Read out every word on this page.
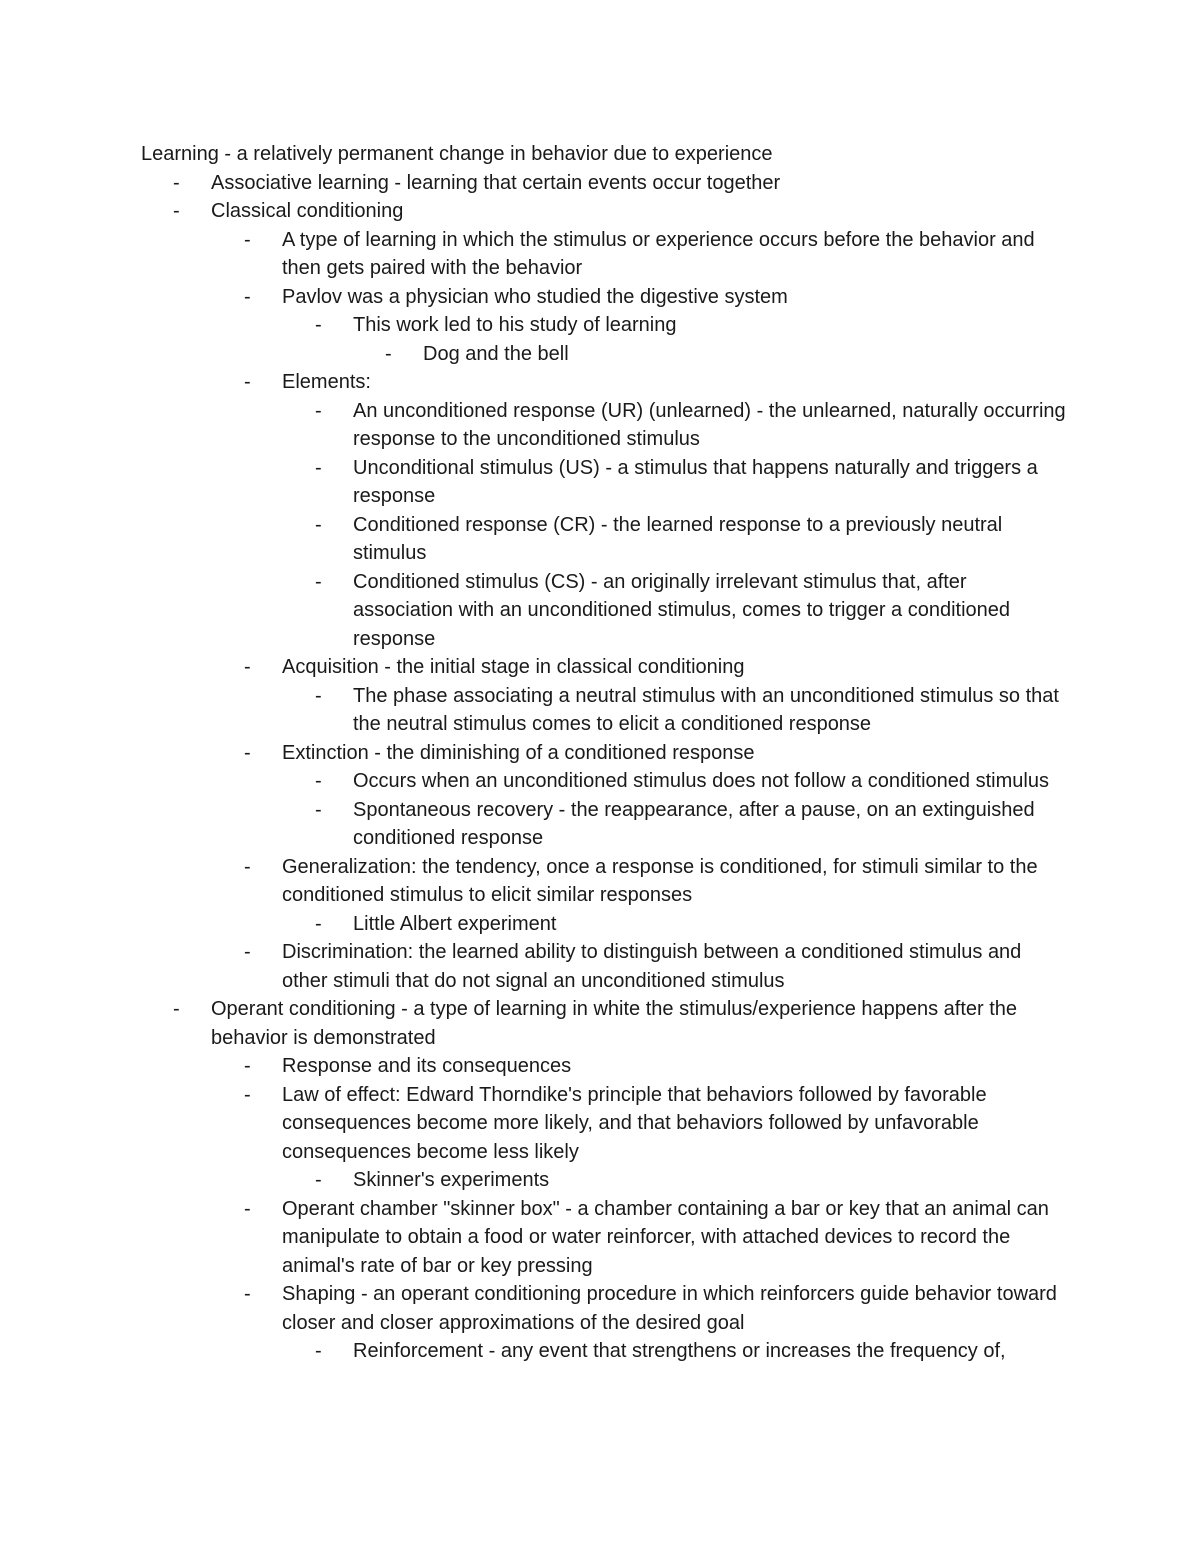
Learning - a relatively permanent change in behavior due to experience
- Associative learning - learning that certain events occur together
- Classical conditioning
- A type of learning in which the stimulus or experience occurs before the behavior and then gets paired with the behavior
- Pavlov was a physician who studied the digestive system
- This work led to his study of learning
- Dog and the bell
- Elements:
- An unconditioned response (UR) (unlearned) - the unlearned, naturally occurring response to the unconditioned stimulus
- Unconditional stimulus (US) - a stimulus that happens naturally and triggers a response
- Conditioned response (CR) - the learned response to a previously neutral stimulus
- Conditioned stimulus (CS) - an originally irrelevant stimulus that, after association with an unconditioned stimulus, comes to trigger a conditioned response
- Acquisition - the initial stage in classical conditioning
- The phase associating a neutral stimulus with an unconditioned stimulus so that the neutral stimulus comes to elicit a conditioned response
- Extinction - the diminishing of a conditioned response
- Occurs when an unconditioned stimulus does not follow a conditioned stimulus
- Spontaneous recovery - the reappearance, after a pause, on an extinguished conditioned response
- Generalization: the tendency, once a response is conditioned, for stimuli similar to the conditioned stimulus to elicit similar responses
- Little Albert experiment
- Discrimination: the learned ability to distinguish between a conditioned stimulus and other stimuli that do not signal an unconditioned stimulus
- Operant conditioning - a type of learning in white the stimulus/experience happens after the behavior is demonstrated
- Response and its consequences
- Law of effect: Edward Thorndike's principle that behaviors followed by favorable consequences become more likely, and that behaviors followed by unfavorable consequences become less likely
- Skinner's experiments
- Operant chamber "skinner box" - a chamber containing a bar or key that an animal can manipulate to obtain a food or water reinforcer, with attached devices to record the animal's rate of bar or key pressing
- Shaping - an operant conditioning procedure in which reinforcers guide behavior toward closer and closer approximations of the desired goal
- Reinforcement - any event that strengthens or increases the frequency of,
